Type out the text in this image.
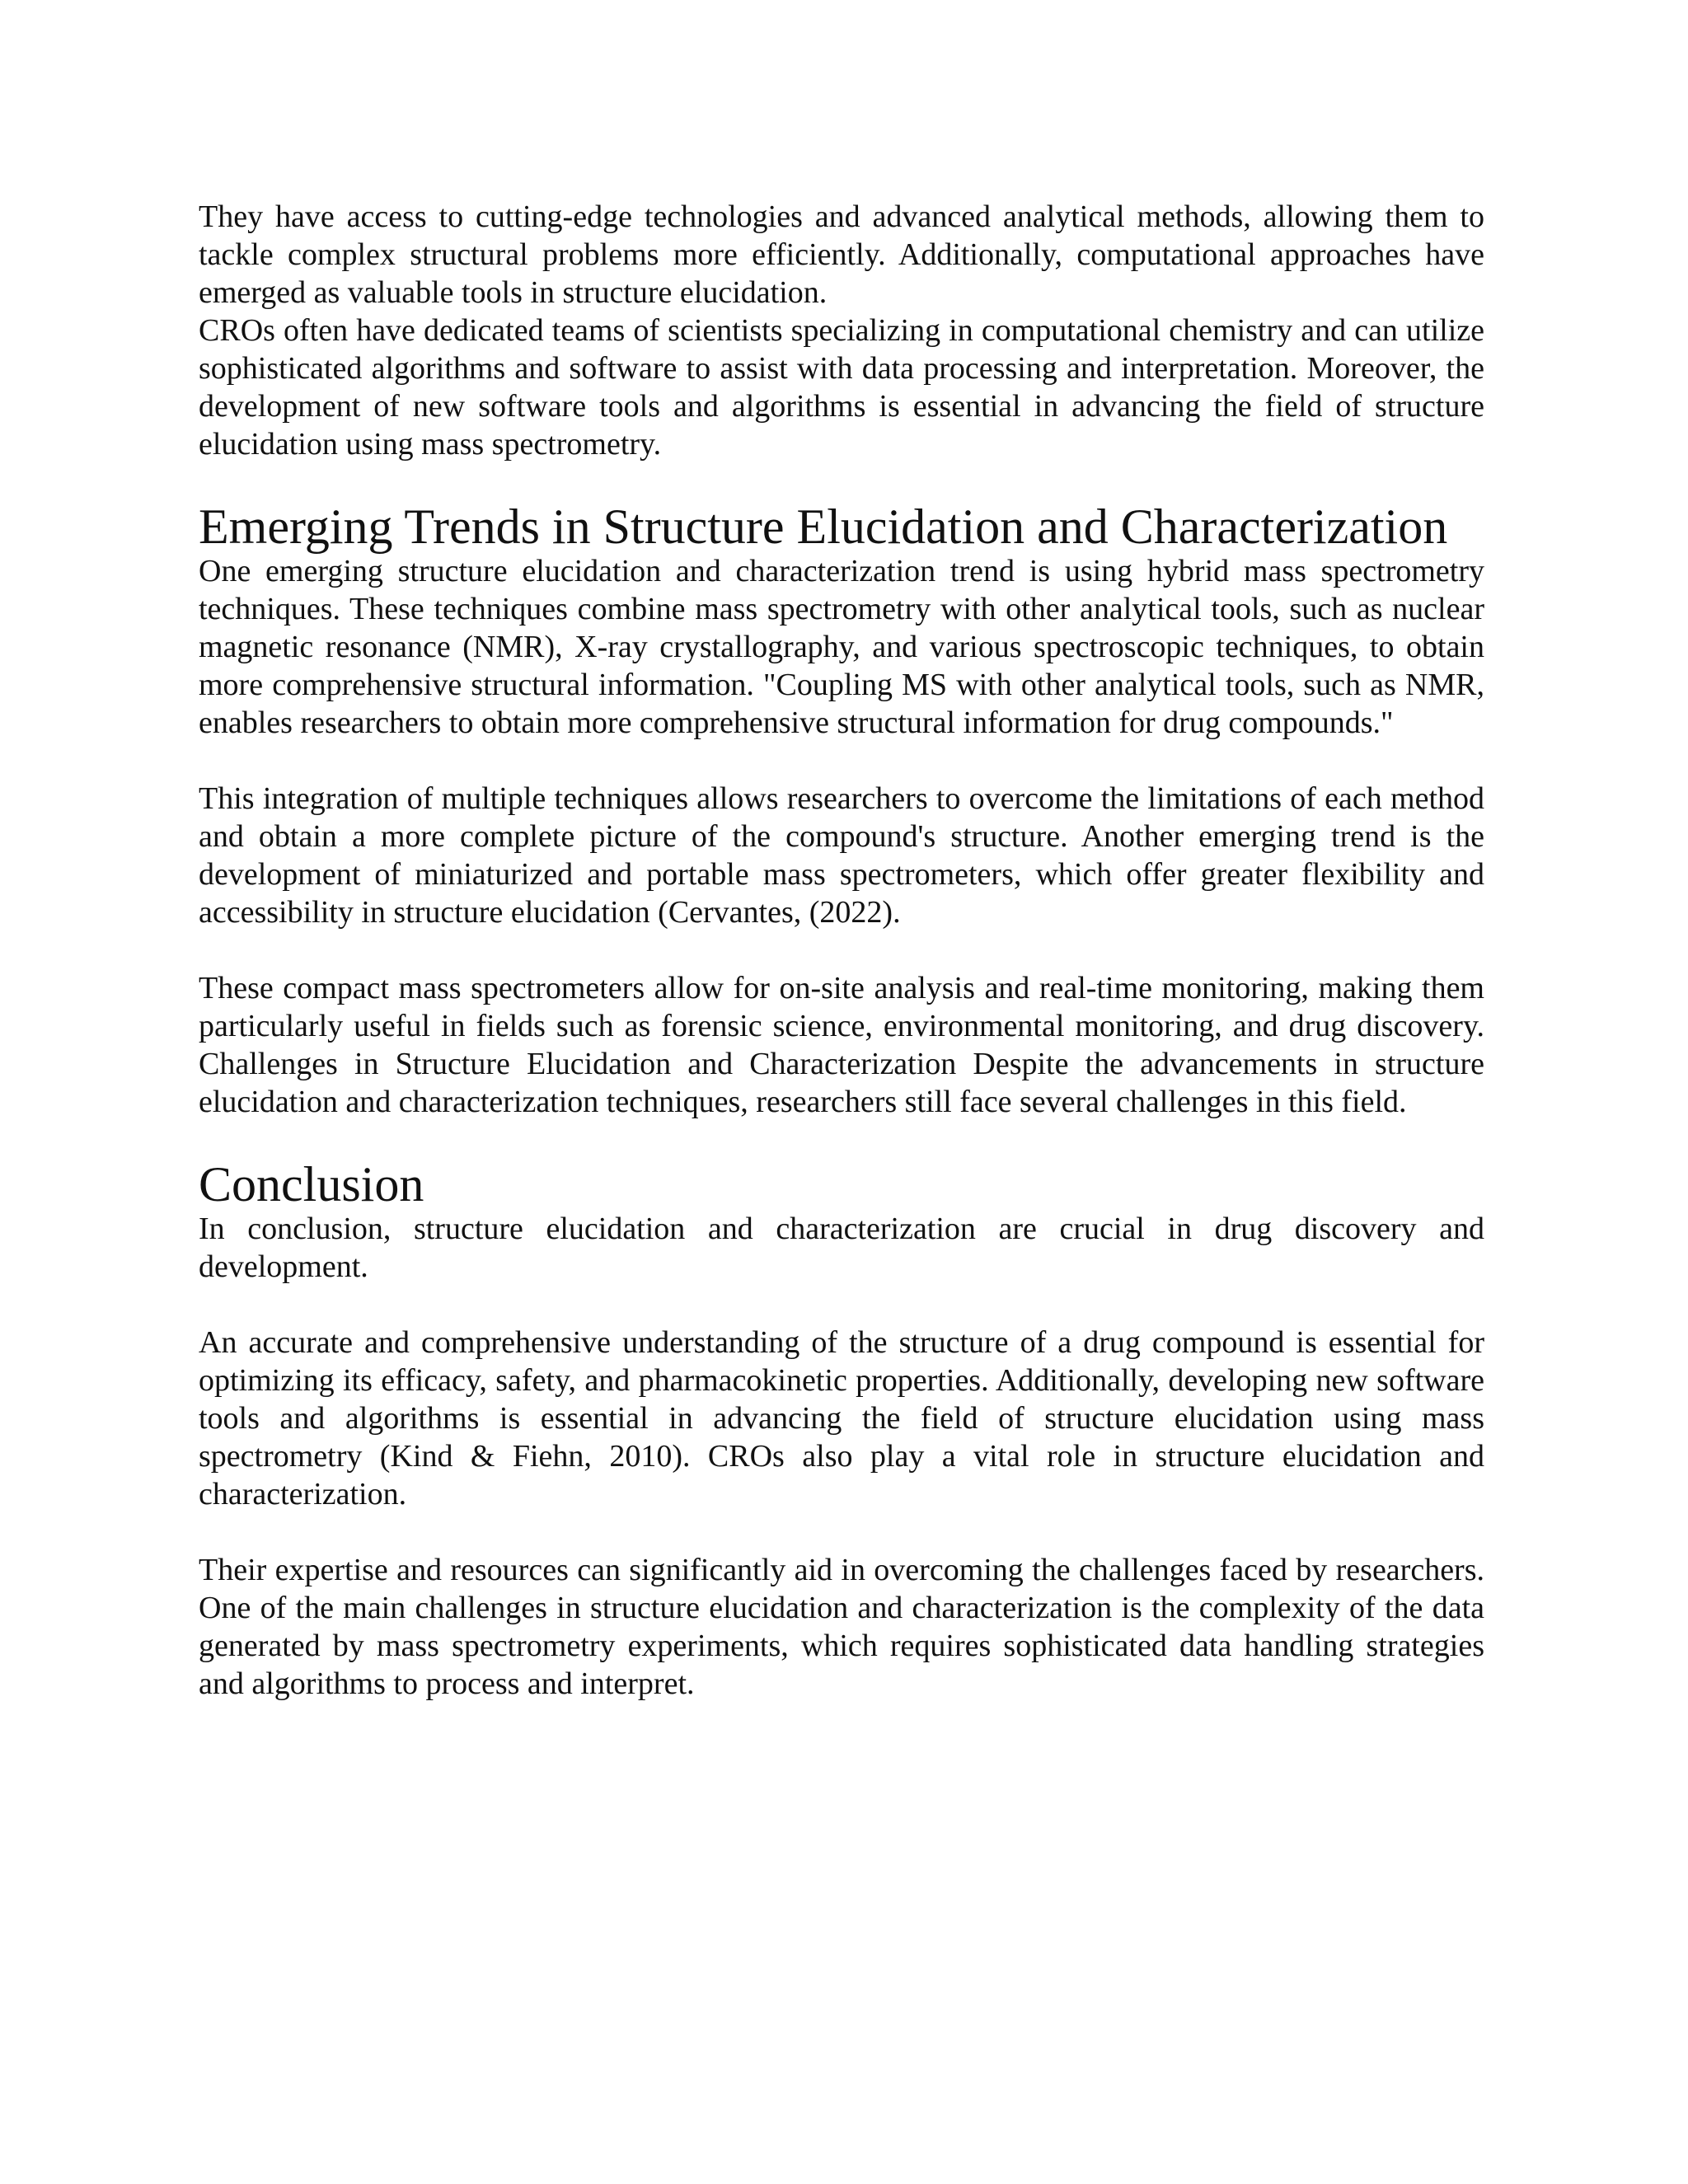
They have access to cutting-edge technologies and advanced analytical methods, allowing them to tackle complex structural problems more efficiently. Additionally, computational approaches have emerged as valuable tools in structure elucidation.

CROs often have dedicated teams of scientists specializing in computational chemistry and can utilize sophisticated algorithms and software to assist with data processing and interpretation. Moreover, the development of new software tools and algorithms is essential in advancing the field of structure elucidation using mass spectrometry.

Emerging Trends in Structure Elucidation and Characterization

One emerging structure elucidation and characterization trend is using hybrid mass spectrometry techniques. These techniques combine mass spectrometry with other analytical tools, such as nuclear magnetic resonance (NMR), X-ray crystallography, and various spectroscopic techniques, to obtain more comprehensive structural information. "Coupling MS with other analytical tools, such as NMR, enables researchers to obtain more comprehensive structural information for drug compounds."

This integration of multiple techniques allows researchers to overcome the limitations of each method and obtain a more complete picture of the compound's structure. Another emerging trend is the development of miniaturized and portable mass spectrometers, which offer greater flexibility and accessibility in structure elucidation (Cervantes, (2022).

These compact mass spectrometers allow for on-site analysis and real-time monitoring, making them particularly useful in fields such as forensic science, environmental monitoring, and drug discovery. Challenges in Structure Elucidation and Characterization Despite the advancements in structure elucidation and characterization techniques, researchers still face several challenges in this field.

Conclusion

In conclusion, structure elucidation and characterization are crucial in drug discovery and development.

An accurate and comprehensive understanding of the structure of a drug compound is essential for optimizing its efficacy, safety, and pharmacokinetic properties. Additionally, developing new software tools and algorithms is essential in advancing the field of structure elucidation using mass spectrometry (Kind & Fiehn, 2010). CROs also play a vital role in structure elucidation and characterization.

Their expertise and resources can significantly aid in overcoming the challenges faced by researchers. One of the main challenges in structure elucidation and characterization is the complexity of the data generated by mass spectrometry experiments, which requires sophisticated data handling strategies and algorithms to process and interpret.
